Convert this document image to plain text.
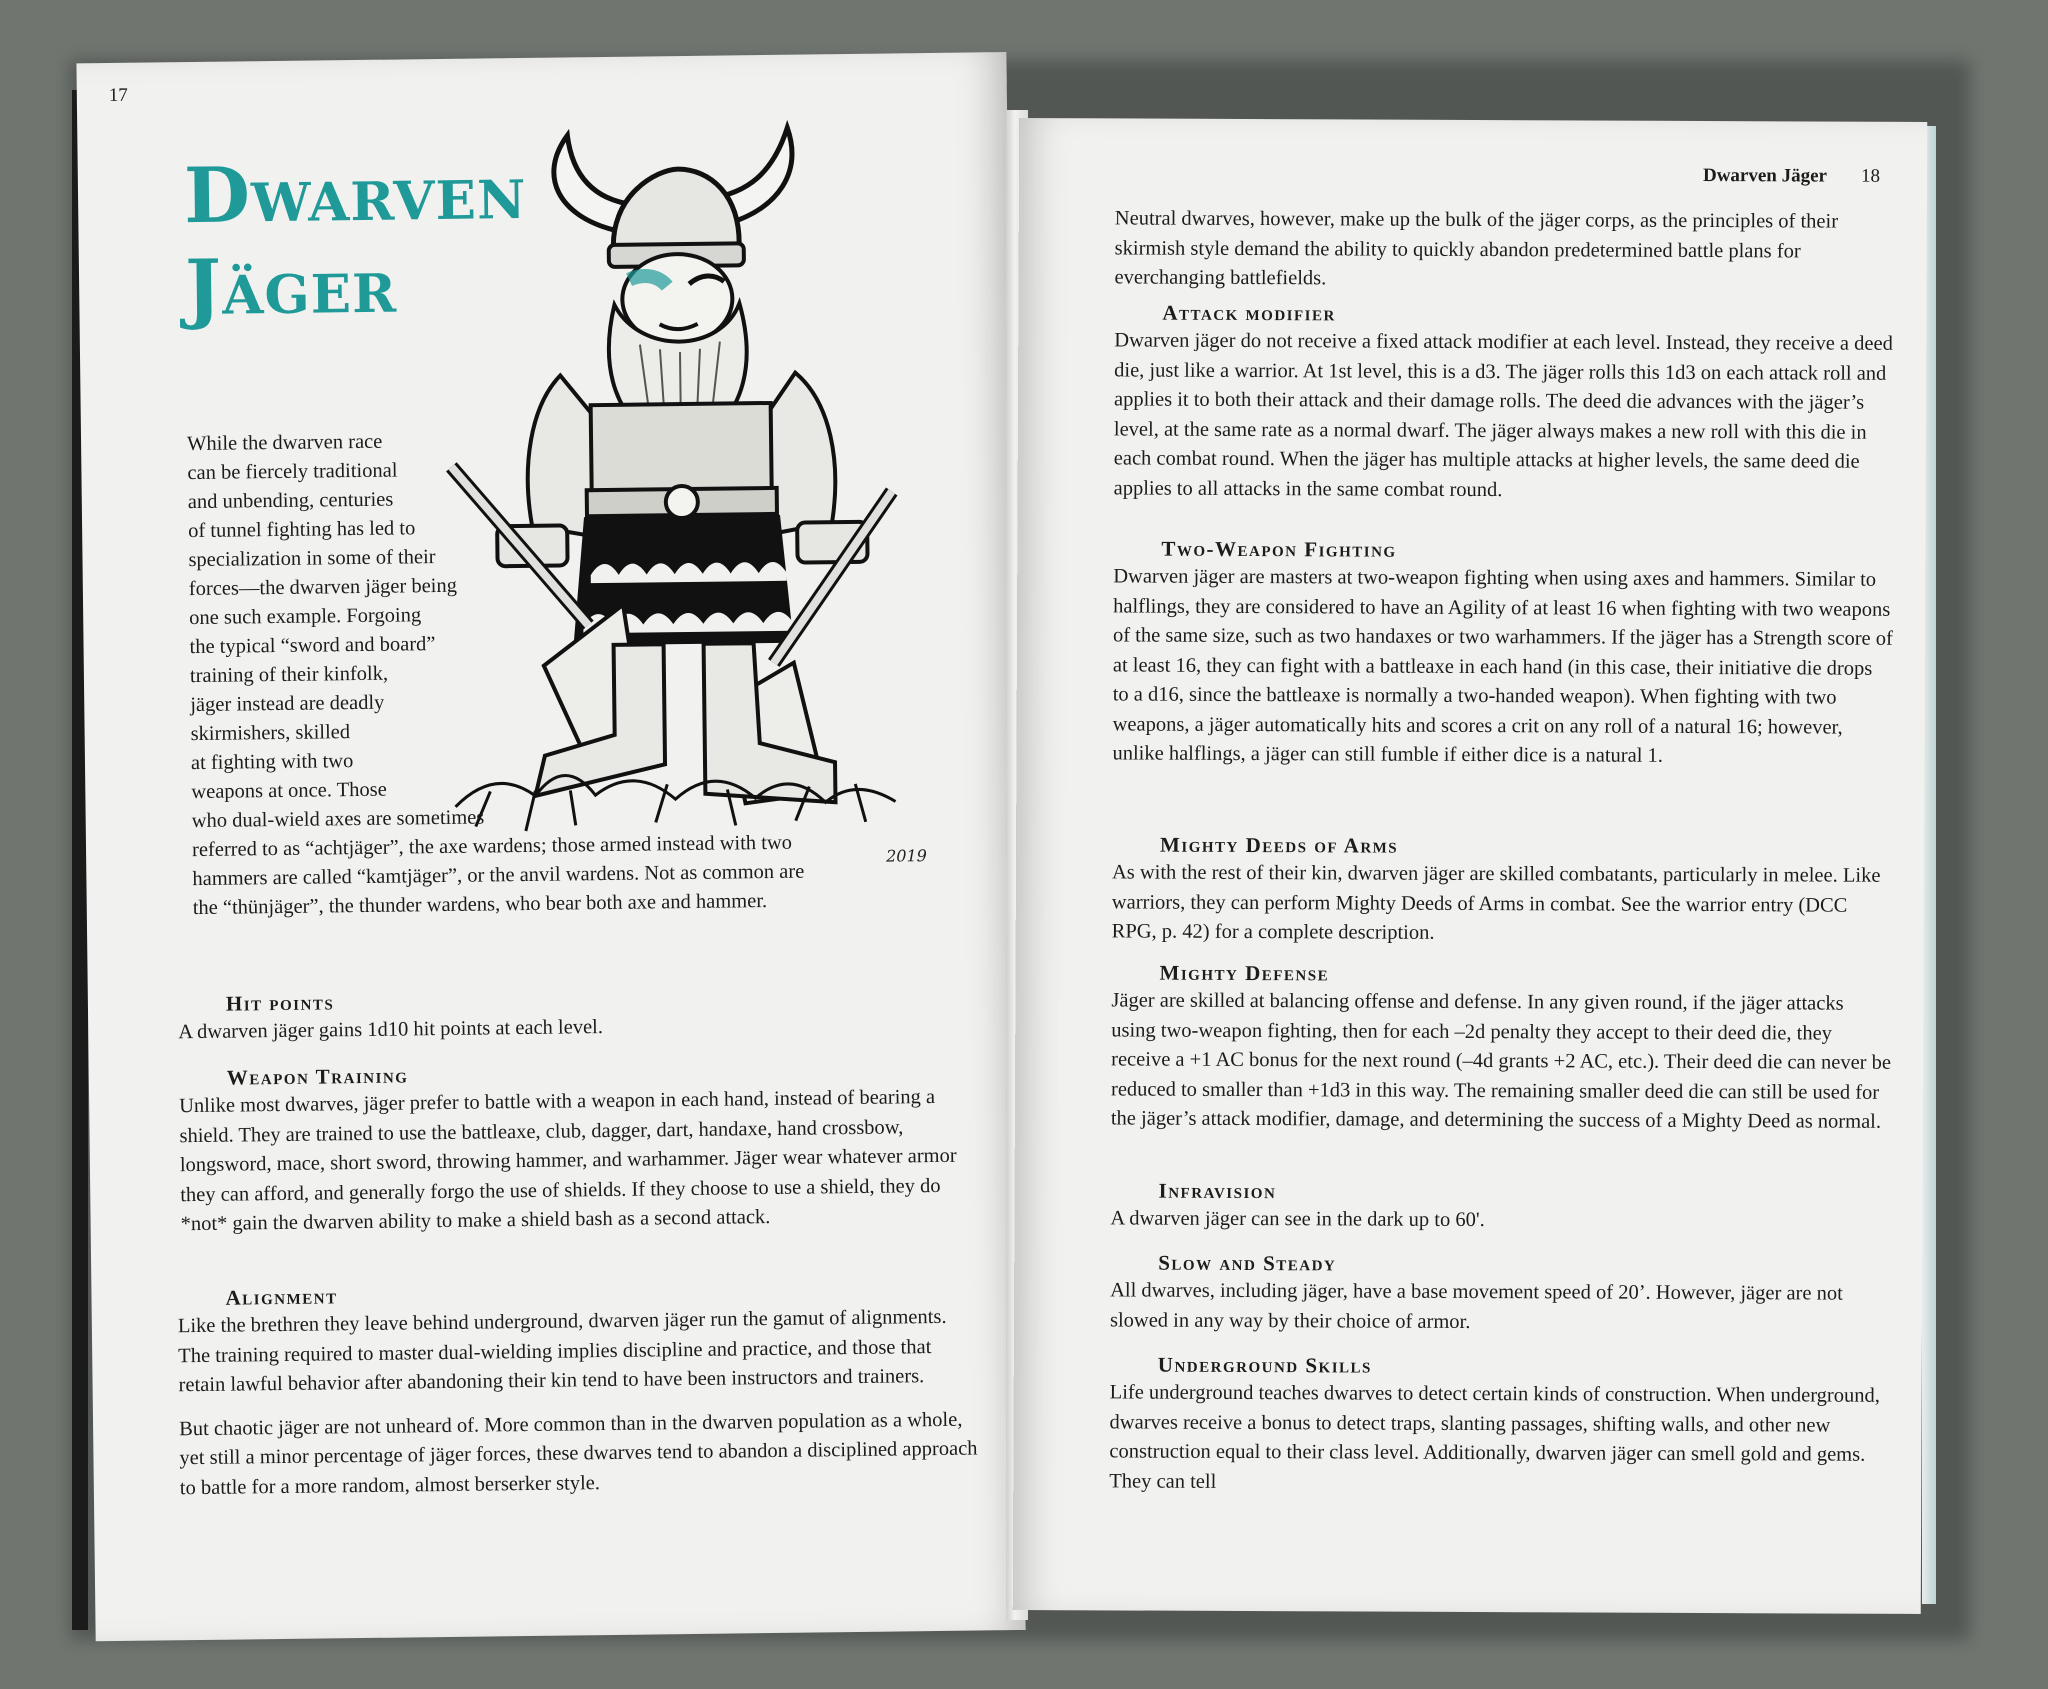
17
Dwarven
Jäger
2019
While the dwarven race
can be fiercely traditional
and unbending, centuries
of tunnel fighting has led to
specialization in some of their
forces—the dwarven jäger being
one such example. Forgoing
the typical “sword and board”
training of their kinfolk,
jäger instead are deadly
skirmishers, skilled
at fighting with two
weapons at once. Those
who dual-wield axes are sometimes
referred to as “achtjäger”, the axe wardens; those armed instead with two
hammers are called “kamtjäger”, or the anvil wardens. Not as common are
the “thünjäger”, the thunder wardens, who bear both axe and hammer.
Hit points

A dwarven jäger gains 1d10 hit points at each level.

Weapon Training

Unlike most dwarves, jäger prefer to battle with a weapon in each hand, instead of bearing a shield. They are trained to use the battleaxe, club, dagger, dart, handaxe, hand crossbow, longsword, mace, short sword, throwing hammer, and warhammer. Jäger wear whatever armor they can afford, and generally forgo the use of shields. If they choose to use a shield, they do *not* gain the dwarven ability to make a shield bash as a second attack.

Alignment

Like the brethren they leave behind underground, dwarven jäger run the gamut of alignments. The training required to master dual-wielding implies discipline and practice, and those that retain lawful behavior after abandoning their kin tend to have been instructors and trainers.

But chaotic jäger are not unheard of. More common than in the dwarven population as a whole, yet still a minor percentage of jäger forces, these dwarves tend to abandon a disciplined approach to battle for a more random, almost berserker style.

Dwarven Jäger 18

Neutral dwarves, however, make up the bulk of the jäger corps, as the principles of their skirmish style demand the ability to quickly abandon predetermined battle plans for everchanging battlefields.

Attack modifier

Dwarven jäger do not receive a fixed attack modifier at each level. Instead, they receive a deed die, just like a warrior. At 1st level, this is a d3. The jäger rolls this 1d3 on each attack roll and applies it to both their attack and their damage rolls. The deed die advances with the jäger’s level, at the same rate as a normal dwarf. The jäger always makes a new roll with this die in each combat round. When the jäger has multiple attacks at higher levels, the same deed die applies to all attacks in the same combat round.

Two-Weapon Fighting

Dwarven jäger are masters at two-weapon fighting when using axes and hammers. Similar to halflings, they are considered to have an Agility of at least 16 when fighting with two weapons of the same size, such as two handaxes or two warhammers. If the jäger has a Strength score of at least 16, they can fight with a battleaxe in each hand (in this case, their initiative die drops to a d16, since the battleaxe is normally a two-handed weapon). When fighting with two weapons, a jäger automatically hits and scores a crit on any roll of a natural 16; however, unlike halflings, a jäger can still fumble if either dice is a natural 1.

Mighty Deeds of Arms

As with the rest of their kin, dwarven jäger are skilled combatants, particularly in melee. Like warriors, they can perform Mighty Deeds of Arms in combat. See the warrior entry (DCC RPG, p. 42) for a complete description.

Mighty Defense

Jäger are skilled at balancing offense and defense. In any given round, if the jäger attacks using two-weapon fighting, then for each –2d penalty they accept to their deed die, they receive a +1 AC bonus for the next round (–4d grants +2 AC, etc.). Their deed die can never be reduced to smaller than +1d3 in this way. The remaining smaller deed die can still be used for the jäger’s attack modifier, damage, and determining the success of a Mighty Deed as normal.

Infravision

A dwarven jäger can see in the dark up to 60'.

Slow and Steady

All dwarves, including jäger, have a base movement speed of 20’. However, jäger are not slowed in any way by their choice of armor.

Underground Skills

Life underground teaches dwarves to detect certain kinds of construction. When underground, dwarves receive a bonus to detect traps, slanting passages, shifting walls, and other new construction equal to their class level. Additionally, dwarven jäger can smell gold and gems. They can tell
